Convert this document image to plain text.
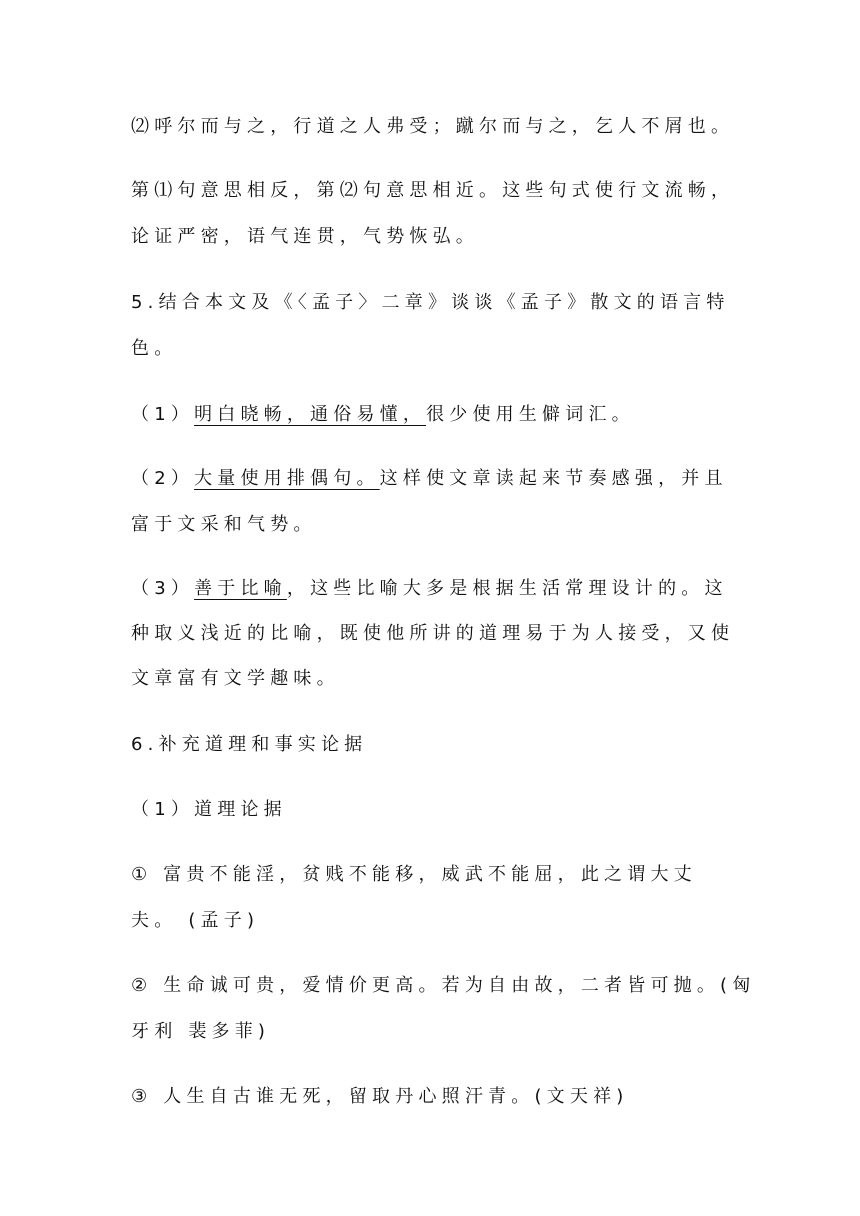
⑵呼尔而与之，行道之人弗受；蹴尔而与之，乞人不屑也。
第⑴句意思相反，第⑵句意思相近。这些句式使行文流畅，
论证严密，语气连贯，气势恢弘。
5.结合本文及《〈孟子〉二章》谈谈《孟子》散文的语言特
色。
（1）明白晓畅，通俗易懂，很少使用生僻词汇。
（2）大量使用排偶句。这样使文章读起来节奏感强，并且
富于文采和气势。
（3）善于比喻，这些比喻大多是根据生活常理设计的。这
种取义浅近的比喻，既使他所讲的道理易于为人接受，又使
文章富有文学趣味。
6.补充道理和事实论据
（1）道理论据
① 富贵不能淫，贫贱不能移，威武不能屈，此之谓大丈
夫。 (孟子)
② 生命诚可贵，爱情价更高。若为自由故，二者皆可抛。(匈
牙利 裴多菲)
③ 人生自古谁无死，留取丹心照汗青。(文天祥)
